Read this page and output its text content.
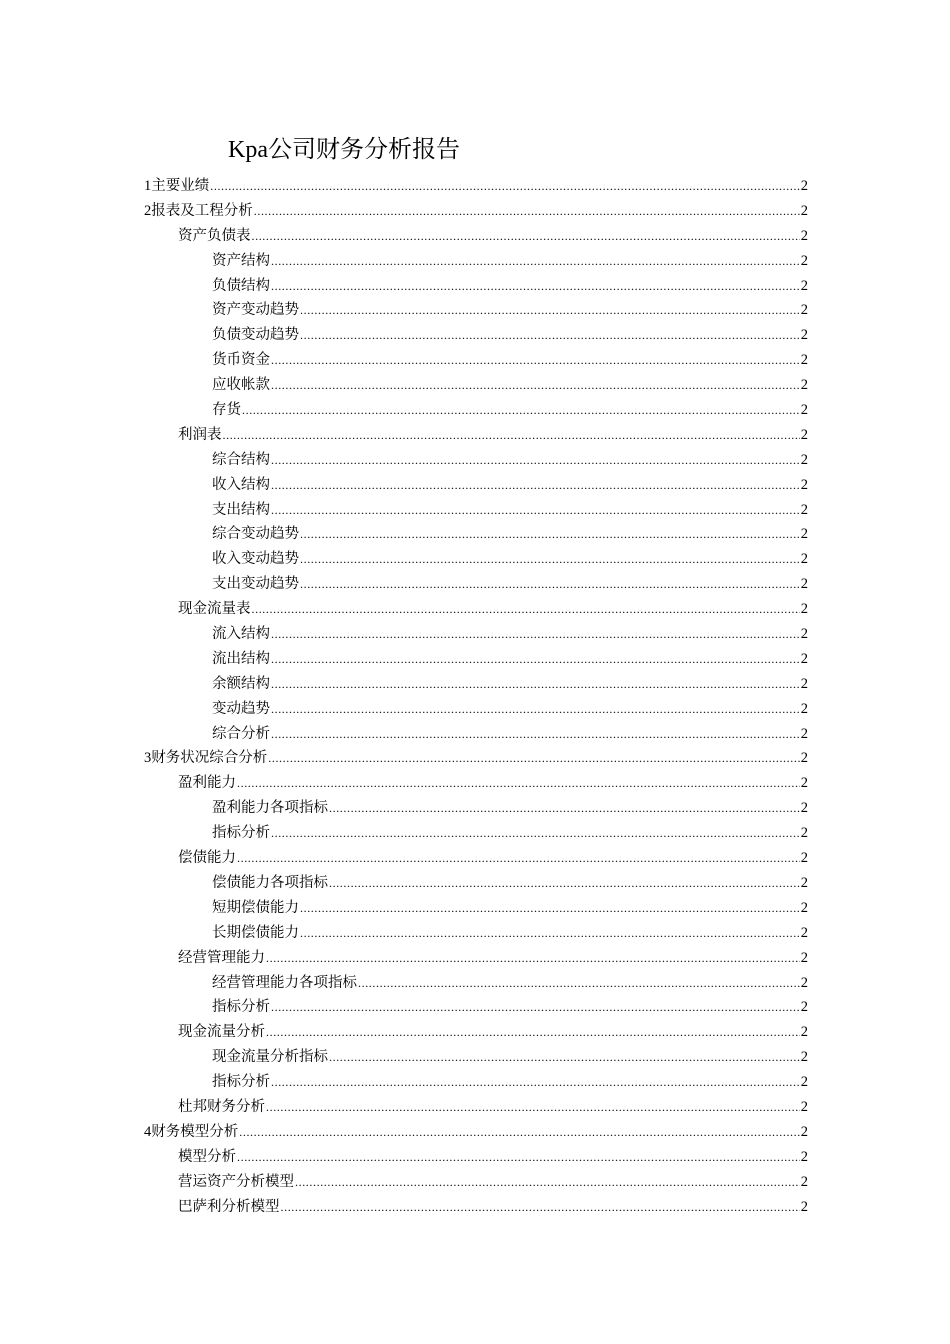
Kpa公司财务分析报告
1主要业绩 .....	2
2报表及工程分析 .....	2
资产负债表 .....	2
资产结构 .....	2
负债结构 .....	2
资产变动趋势 .....	2
负债变动趋势 .....	2
货币资金 .....	2
应收帐款 .....	2
存货 .....	2
利润表 .....	2
综合结构 .....	2
收入结构 .....	2
支出结构 .....	2
综合变动趋势 .....	2
收入变动趋势 .....	2
支出变动趋势 .....	2
现金流量表 .....	2
流入结构 .....	2
流出结构 .....	2
余额结构 .....	2
变动趋势 .....	2
综合分析 .....	2
3财务状况综合分析 .....	2
盈利能力 .....	2
盈利能力各项指标 .....	2
指标分析 .....	2
偿债能力 .....	2
偿债能力各项指标 .....	2
短期偿债能力 .....	2
长期偿债能力 .....	2
经营管理能力 .....	2
经营管理能力各项指标 .....	2
指标分析 .....	2
现金流量分析 .....	2
现金流量分析指标 .....	2
指标分析 .....	2
杜邦财务分析 .....	2
4财务模型分析 .....	2
模型分析 .....	2
营运资产分析模型 .....	2
巴萨利分析模型 .....	2
